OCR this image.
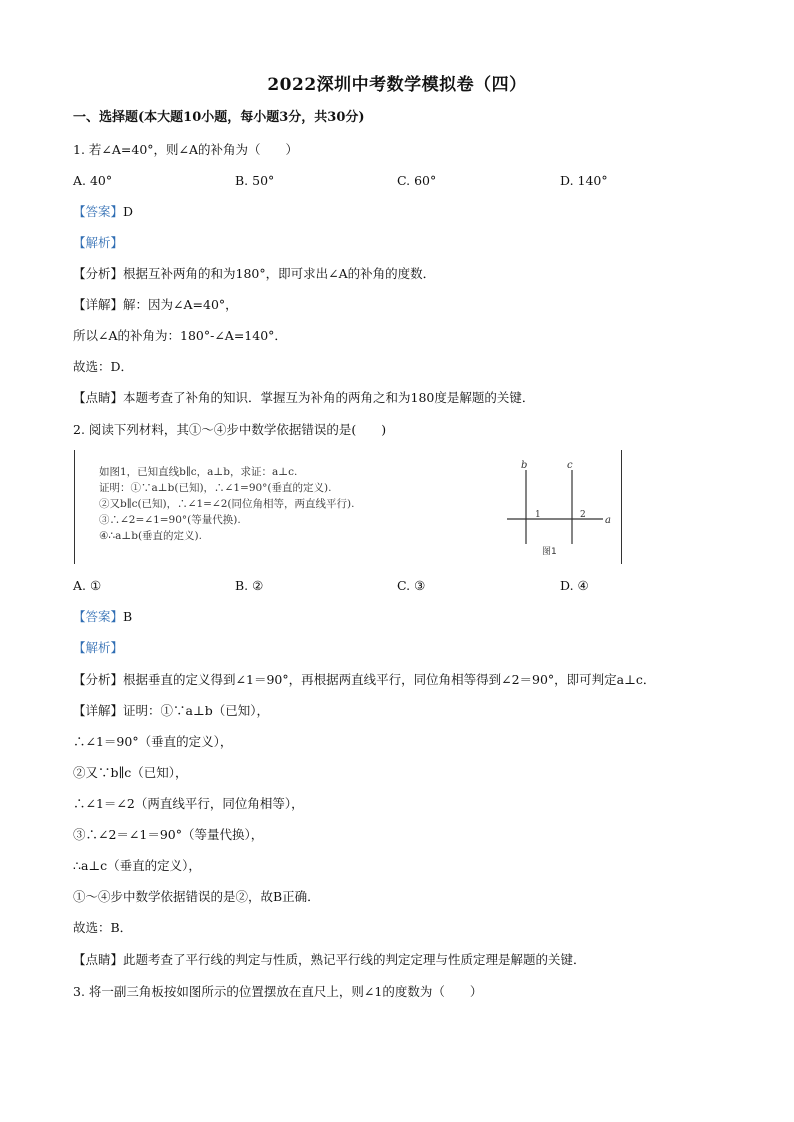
2022深圳中考数学模拟卷（四）
一、选择题(本大题10小题，每小题3分，共30分)
1. 若∠A=40°，则∠A的补角为（　　）
A. 40°	B. 50°	C. 60°	D. 140°
【答案】D
【解析】
【分析】根据互补两角的和为180°，即可求出∠A的补角的度数．
【详解】解：因为∠A=40°，
所以∠A的补角为：180°-∠A=140°．
故选：D．
【点睛】本题考查了补角的知识．掌握互为补角的两角之和为180度是解题的关键．
2. 阅读下列材料，其①～④步中数学依据错误的是(　　)
如图1，已知直线b∥c，a⊥b，求证：a⊥c.
证明：①∵a⊥b(已知)，∴∠1=90°(垂直的定义).
②又b∥c(已知)，∴∠1=∠2(同位角相等，两直线平行).
③∴∠2=∠1=90°(等量代换).
④∴a⊥b(垂直的定义).
b	c
a
1	2
图1
A. ①	B. ②	C. ③	D. ④
【答案】B
【解析】
【分析】根据垂直的定义得到∠1＝90°，再根据两直线平行，同位角相等得到∠2＝90°，即可判定a⊥c．
【详解】证明：①∵a⊥b（已知），
∴∠1＝90°（垂直的定义），
②又∵b∥c（已知），
∴∠1＝∠2（两直线平行，同位角相等），
③∴∠2＝∠1＝90°（等量代换），
∴a⊥c（垂直的定义），
①～④步中数学依据错误的是②，故B正确．
故选：B．
【点睛】此题考查了平行线的判定与性质，熟记平行线的判定定理与性质定理是解题的关键．
3. 将一副三角板按如图所示的位置摆放在直尺上，则∠1的度数为（　　）
